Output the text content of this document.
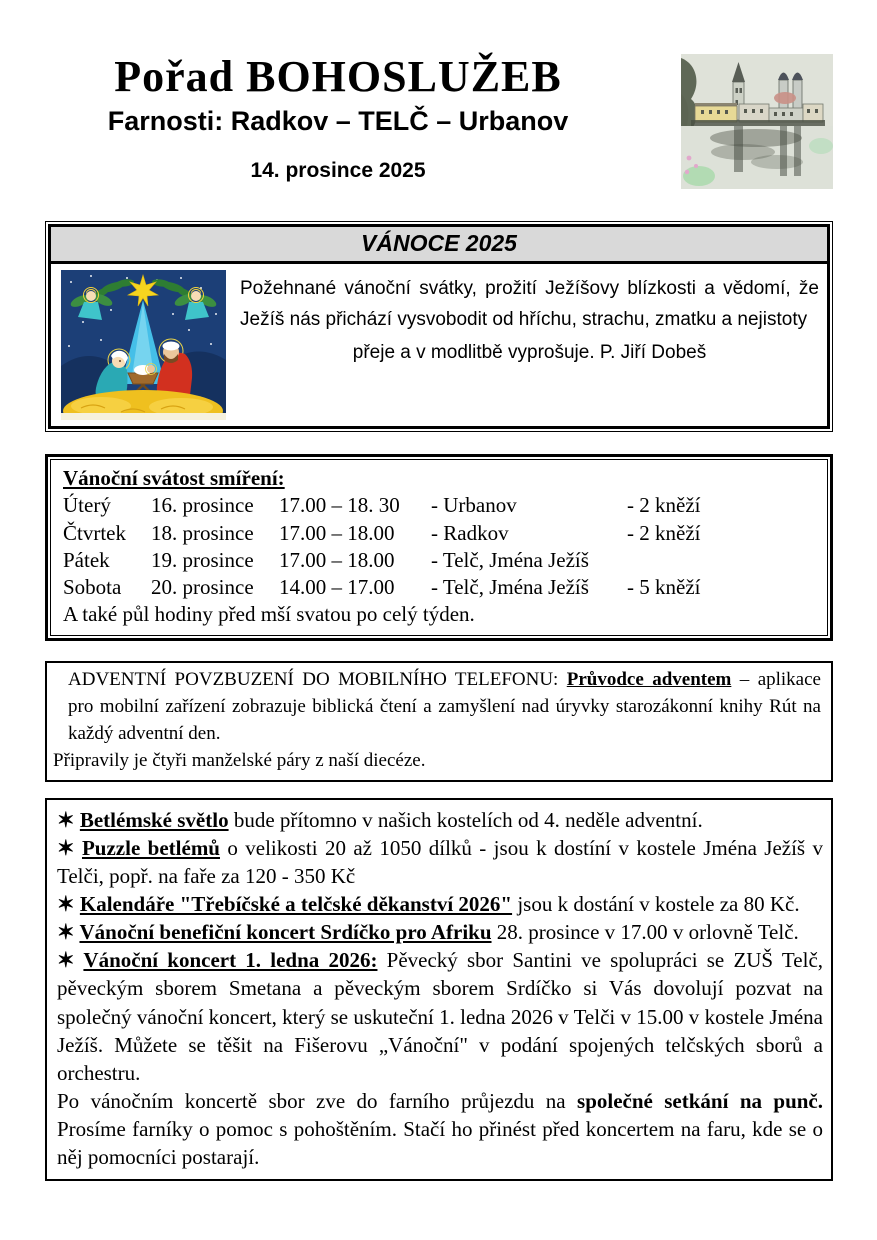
Pořad BOHOSLUŽEB
Farnosti: Radkov – TELČ – Urbanov
14. prosince 2025
VÁNOCE 2025
Požehnané vánoční svátky, prožití Ježíšovy blízkosti a vědomí, že Ježíš nás přichází vysvobodit od hříchu, strachu, zmatku a nejistoty
přeje a v modlitbě vyprošuje. P. Jiří Dobeš
Vánoční svátost smíření:
Úterý	16. prosince	17.00 – 18. 30	- Urbanov	- 2 kněží
Čtvrtek	18. prosince	17.00 – 18.00	- Radkov	- 2 kněží
Pátek	19. prosince	17.00 – 18.00	- Telč, Jména Ježíš
Sobota	20. prosince	14.00 – 17.00	- Telč, Jména Ježíš	- 5 kněží
A také půl hodiny před mší svatou po celý týden.
ADVENTNÍ POVZBUZENÍ DO MOBILNÍHO TELEFONU: Průvodce adventem – aplikace pro mobilní zařízení zobrazuje biblická čtení a zamyšlení nad úryvky starozákonní knihy Rút na každý adventní den.
Připravily je čtyři manželské páry z naší diecéze.
✶ Betlémské světlo bude přítomno v našich kostelích od 4. neděle adventní.
✶ Puzzle betlémů o velikosti 20 až 1050 dílků - jsou k dostíní v kostele Jména Ježíš v Telči, popř. na faře za 120 - 350 Kč
✶ Kalendáře "Třebíčské a telčské děkanství 2026" jsou k dostání v kostele za 80 Kč.
✶ Vánoční benefiční koncert Srdíčko pro Afriku 28. prosince v 17.00 v orlovně Telč.
✶ Vánoční koncert 1. ledna 2026: Pěvecký sbor Santini ve spolupráci se ZUŠ Telč, pěveckým sborem Smetana a pěveckým sborem Srdíčko si Vás dovolují pozvat na společný vánoční koncert, který se uskuteční 1. ledna 2026 v Telči v 15.00 v kostele Jména Ježíš. Můžete se těšit na Fišerovu „Vánoční" v podání spojených telčských sborů a orchestru.
Po vánočním koncertě sbor zve do farního průjezdu na společné setkání na punč. Prosíme farníky o pomoc s pohoštěním. Stačí ho přinést před koncertem na faru, kde se o něj pomocníci postarají.
